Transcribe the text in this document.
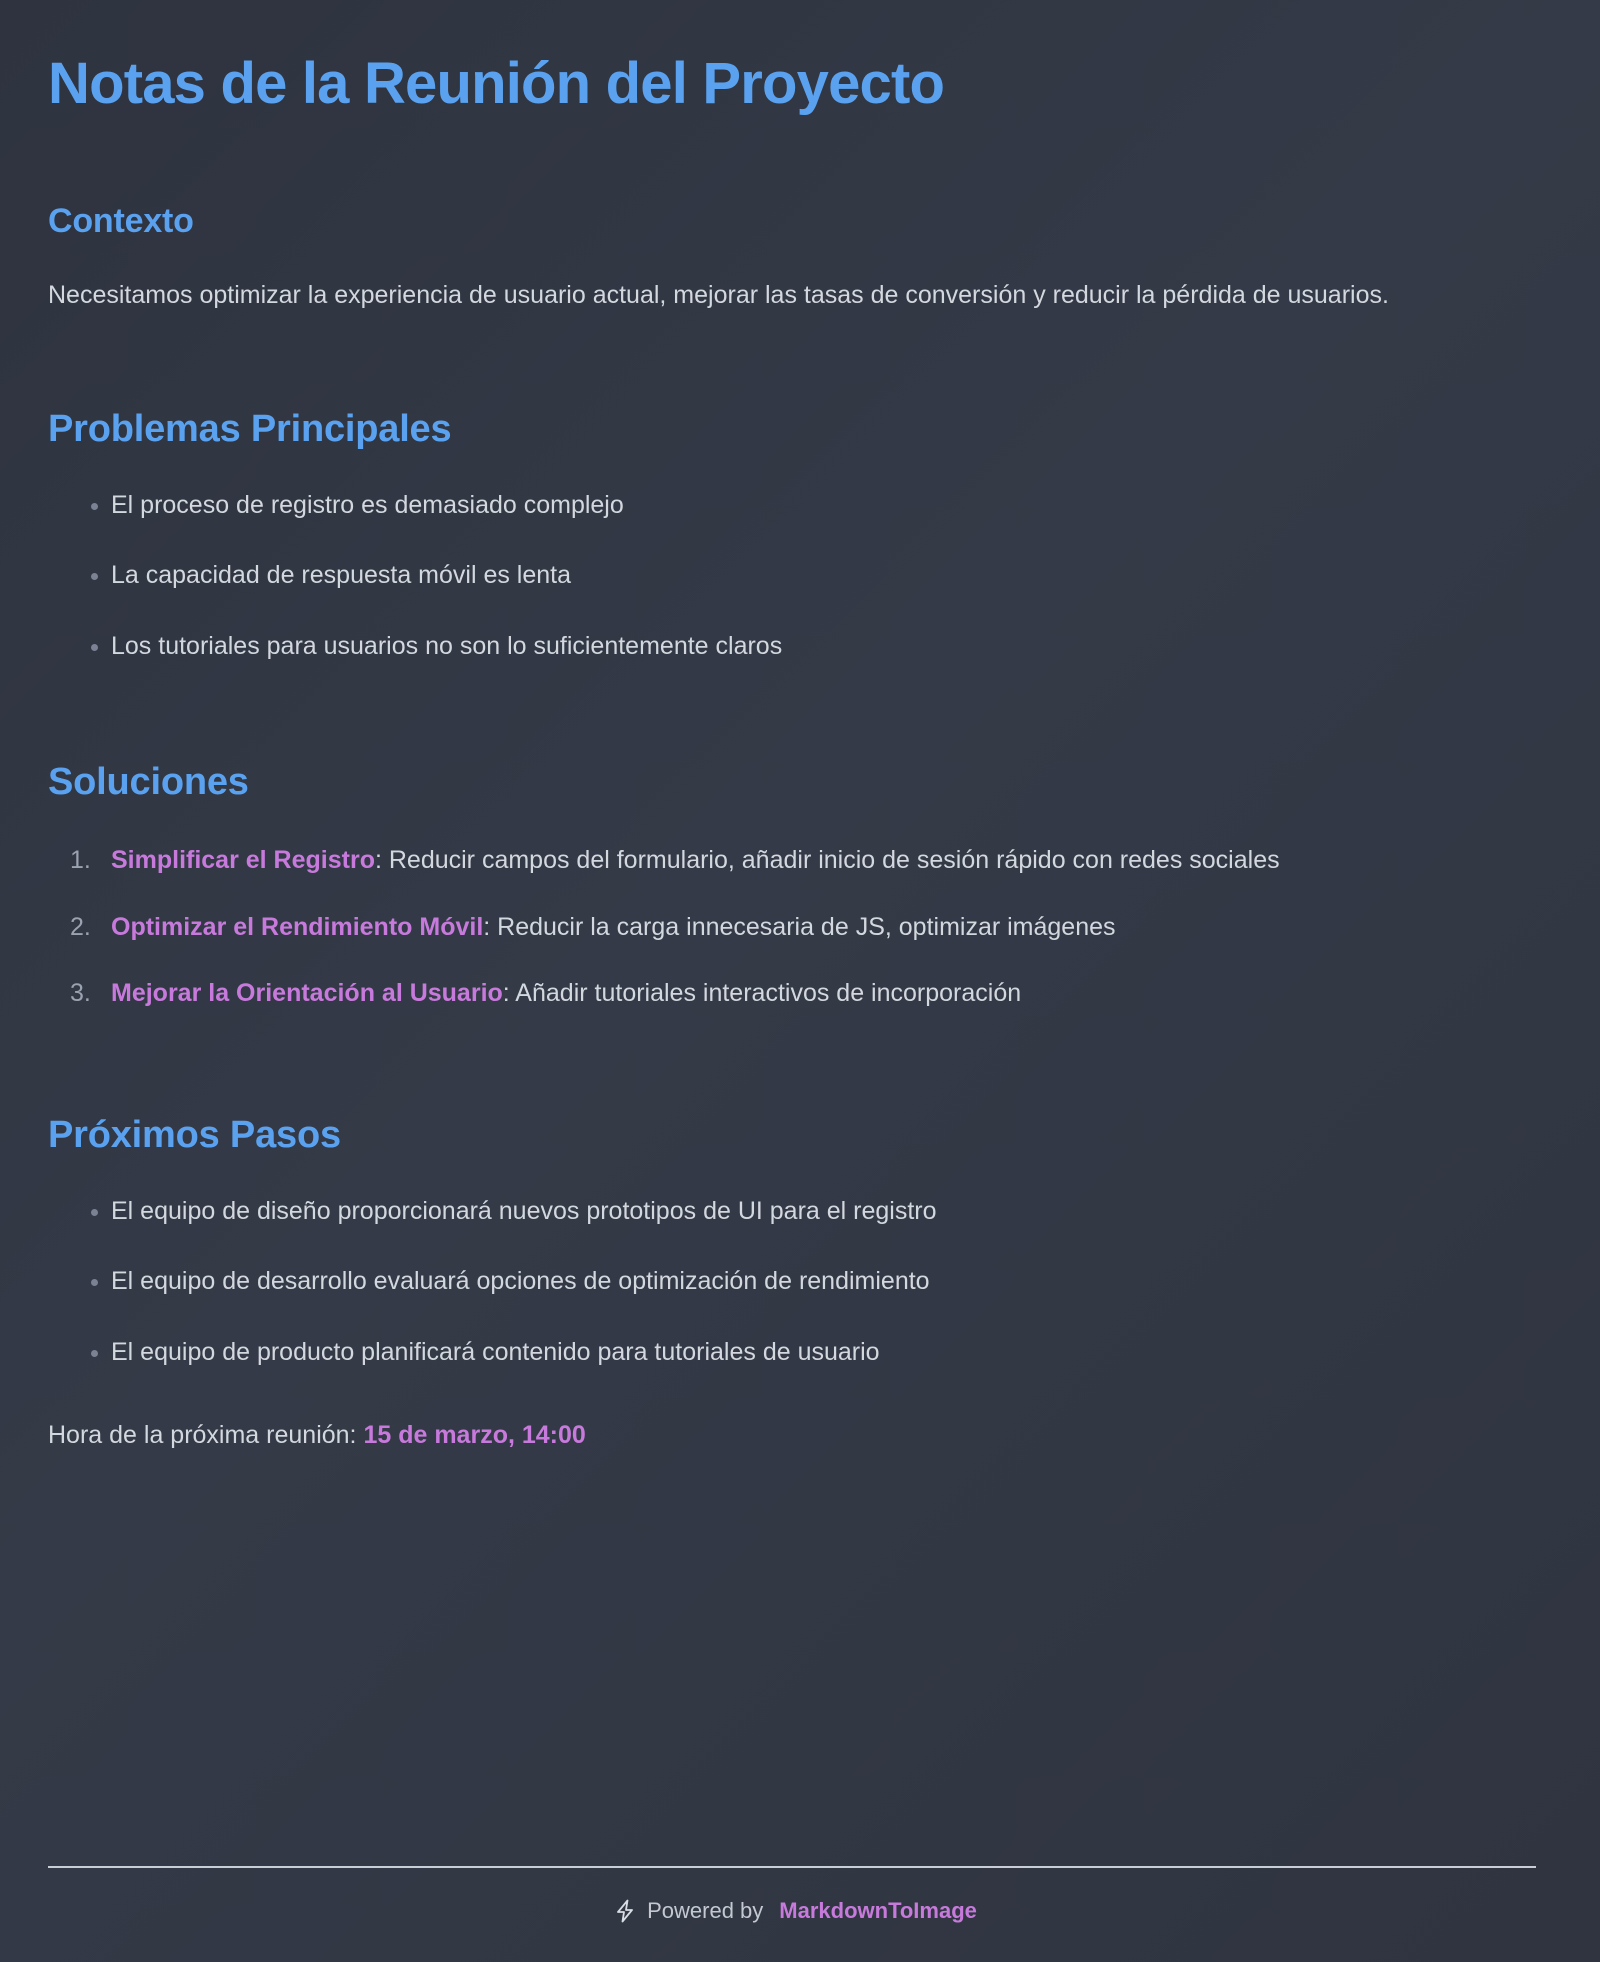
Notas de la Reunión del Proyecto
Contexto

Necesitamos optimizar la experiencia de usuario actual, mejorar las tasas de conversión y reducir la pérdida de usuarios.

Problemas Principales
El proceso de registro es demasiado complejo
La capacidad de respuesta móvil es lenta
Los tutoriales para usuarios no son lo suficientemente claros
Soluciones
1. Simplificar el Registro: Reducir campos del formulario, añadir inicio de sesión rápido con redes sociales
2. Optimizar el Rendimiento Móvil: Reducir la carga innecesaria de JS, optimizar imágenes
3. Mejorar la Orientación al Usuario: Añadir tutoriales interactivos de incorporación
Próximos Pasos
El equipo de diseño proporcionará nuevos prototipos de UI para el registro
El equipo de desarrollo evaluará opciones de optimización de rendimiento
El equipo de producto planificará contenido para tutoriales de usuario

Hora de la próxima reunión: 15 de marzo, 14:00

Powered by MarkdownToImage
